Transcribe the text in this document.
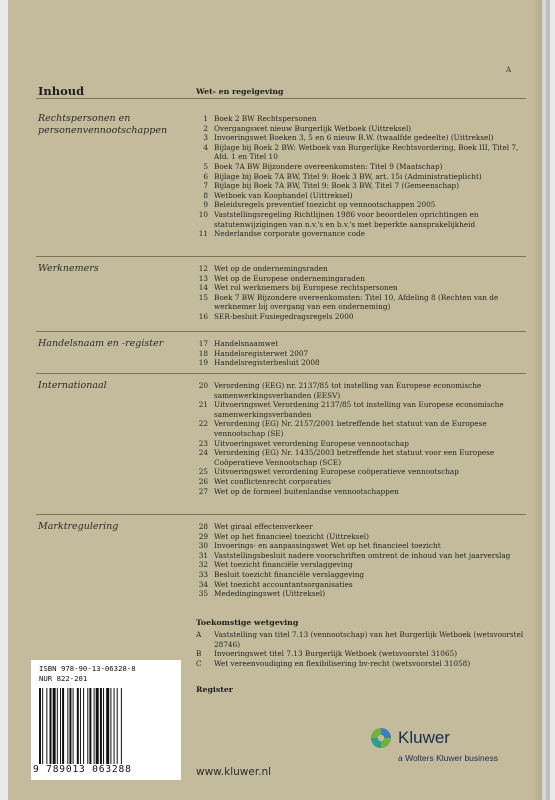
A
Inhoud	Wet- en regelgeving
Rechtspersonen en personenvennootschappen
1 Boek 2 BW Rechtspersonen
2 Overgangswet nieuw Burgerlijk Wetboek (Uittreksel)
3 Invoeringswet Boeken 3, 5 en 6 nieuw B.W. (twaalfde gedeelte) (Uittreksel)
4 Bijlage bij Boek 2 BW: Wetboek van Burgerlijke Rechtsvordering, Boek III, Titel 7, Afd. 1 en Titel 10
5 Boek 7A BW Bijzondere overeenkomsten: Titel 9 (Maatschap)
6 Bijlage bij Boek 7A BW, Titel 9: Boek 3 BW, art. 15i (Administratieplicht)
7 Bijlage bij Boek 7A BW, Titel 9: Boek 3 BW, Titel 7 (Gemeenschap)
8 Wetboek van Koophandel (Uittreksel)
9 Beleidsregels preventief toezicht op vennootschappen 2005
10 Vaststellingsregeling Richtlijnen 1986 voor beoordelen oprichtingen en statutenwijzigingen van n.v.'s en b.v.'s met beperkte aansprakelijkheid
11 Nederlandse corporate governance code
Werknemers	12 Wet op de ondernemingsraden
13 Wet op de Europese ondernemingsraden
14 Wet rol werknemers bij Europese rechtspersonen
15 Boek 7 BW Bijzondere overeenkomsten: Titel 10, Afdeling 8 (Rechten van de werknemer bij overgang van een onderneming)
16 SER-besluit Fusiegedragsregels 2000
Handelsnaam en -register	17 Handelsnaamwet
18 Handelsregisterwet 2007
19 Handelsregisterbesluit 2008
Internationaal	20 Verordening (EEG) nr. 2137/85 tot instelling van Europese economische samenwerkingsverbanden (EESV)
21 Uitvoeringswet Verordening 2137/85 tot instelling van Europese economische samenwerkingsverbanden
22 Verordening (EG) Nr. 2157/2001 betreffende het statuut van de Europese vennootschap (SE)
23 Uitvoeringswet verordening Europese vennootschap
24 Verordening (EG) Nr. 1435/2003 betreffende het statuut voor een Europese Coöperatieve Vennootschap (SCE)
25 Uitvoeringswet verordening Europese coöperatieve vennootschap
26 Wet conflictenrecht corporaties
27 Wet op de formeel buitenlandse vennootschappen
Marktregulering	28 Wet giraal effectenverkeer
29 Wet op het financieel toezicht (Uittreksel)
30 Invoerings- en aanpassingswet Wet op het financieel toezicht
31 Vaststellingsbesluit nadere voorschriften omtrent de inhoud van het jaarverslag
32 Wet toezicht financiële verslaggeving
33 Besluit toezicht financiële verslaggeving
34 Wet toezicht accountantsorganisaties
35 Mededingingswet (Uittreksel)
Toekomstige wetgeving
A	Vaststelling van titel 7.13 (vennootschap) van het Burgerlijk Wetboek (wetsvoorstel 28746)
B	Invoeringswet titel 7.13 Burgerlijk Wetboek (wetsvoorstel 31065)
C	Wet vereenvoudiging en flexibilisering bv-recht (wetsvoorstel 31058)
Register
ISBN 978-90-13-06328-8
NUR 822-201
9 789013 063288	www.kluwer.nl
Kluwer
a Wolters Kluwer business
